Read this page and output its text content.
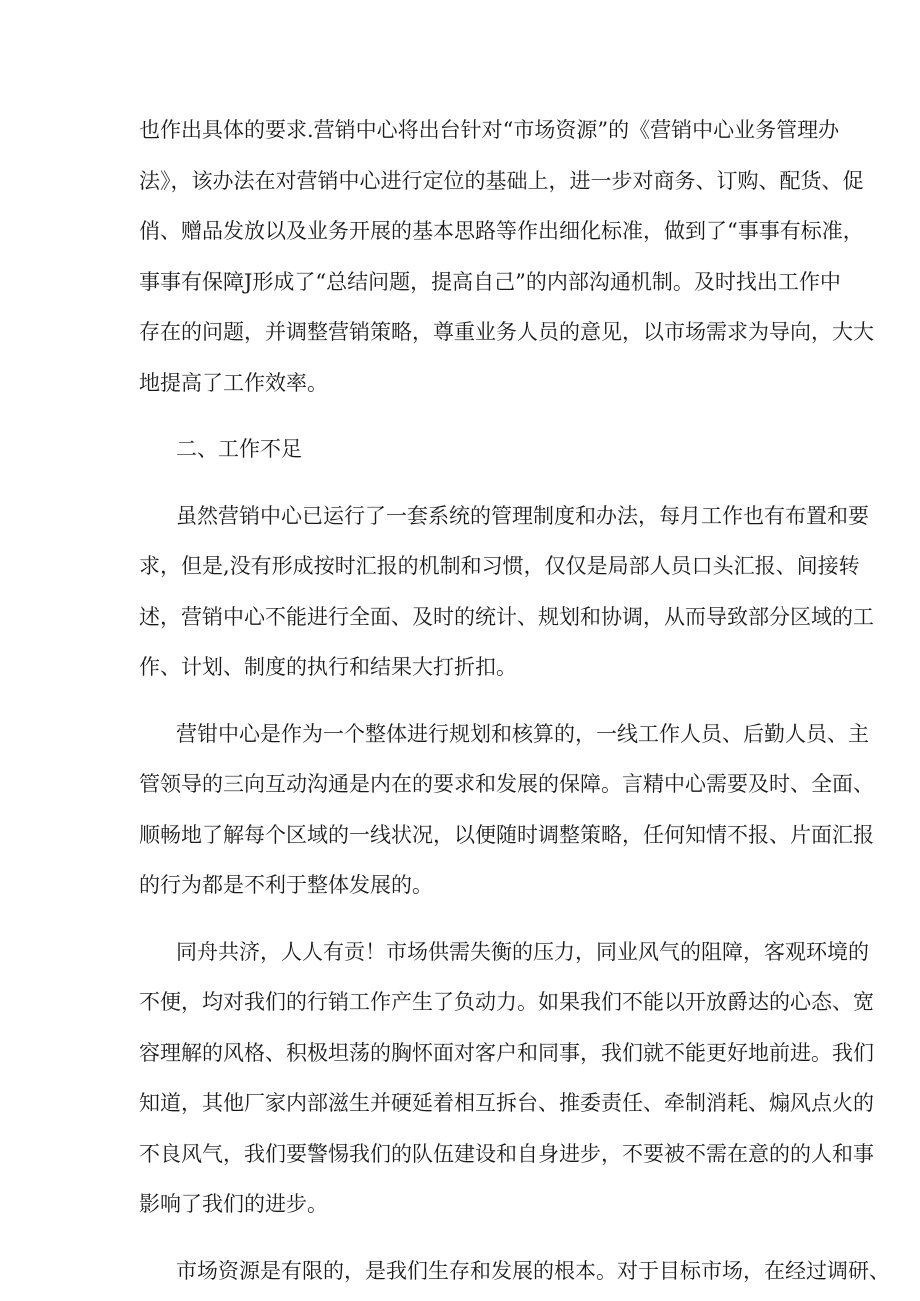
也作出具体的要求.营销中心将出台针对“市场资源”的《营销中心业务管理办
法》，该办法在对营销中心进行定位的基础上，进一步对商务、订购、配货、促
俏、赠品发放以及业务开展的基本思路等作出细化标准，做到了“事事有标准，
事事有保障J形成了“总结问题，提高自己”的内部沟通机制。及时找出工作中
存在的问题，并调整营销策略，尊重业务人员的意见，以市场需求为导向，大大
地提高了工作效率。
二、工作不足
虽然营销中心已运行了一套系统的管理制度和办法，每月工作也有布置和要
求，但是,没有形成按时汇报的机制和习惯，仅仅是局部人员口头汇报、间接转
述，营销中心不能进行全面、及时的统计、规划和协调，从而导致部分区域的工
作、计划、制度的执行和结果大打折扣。
营钳中心是作为一个整体进行规划和核算的，一线工作人员、后勤人员、主
管领导的三向互动沟通是内在的要求和发展的保障。言精中心需要及时、全面、
顺畅地了解每个区域的一线状况，以便随时调整策略，任何知情不报、片面汇报
的行为都是不利于整体发展的。
同舟共济，人人有贡！市场供需失衡的压力，同业风气的阻障，客观环境的
不便，均对我们的行销工作产生了负动力。如果我们不能以开放爵达的心态、宽
容理解的风格、积极坦荡的胸怀面对客户和同事，我们就不能更好地前进。我们
知道，其他厂家内部滋生并硬延着相互拆台、推委责任、牵制消耗、煽风点火的
不良风气，我们要警惕我们的队伍建设和自身进步，不要被不需在意的的人和事
影响了我们的进步。
市场资源是有限的，是我们生存和发展的根本。对于目标市场，在经过调研、
